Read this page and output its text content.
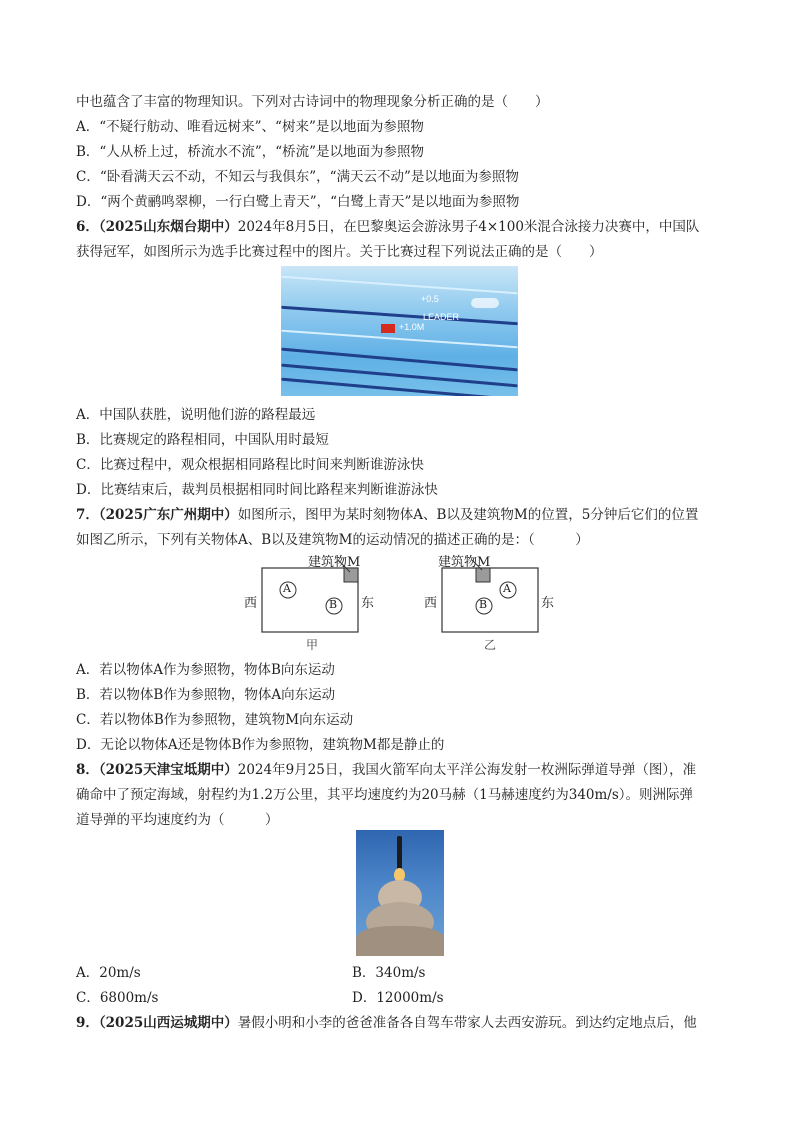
中也蕴含了丰富的物理知识。下列对古诗词中的物理现象分析正确的是（　　）
A．“不疑行舫动、唯看远树来”、“树来”是以地面为参照物
B．“人从桥上过，桥流水不流”，“桥流”是以地面为参照物
C．“卧看满天云不动，不知云与我俱东”，“满天云不动”是以地面为参照物
D．“两个黄鹂鸣翠柳，一行白鹭上青天”，“白鹭上青天”是以地面为参照物
6．（2025山东烟台期中）2024年8月5日，在巴黎奥运会游泳男子4×100米混合泳接力决赛中，中国队
获得冠军，如图所示为选手比赛过程中的图片。关于比赛过程下列说法正确的是（　　）
+0.5
LEADER
+1.0M
A．中国队获胜，说明他们游的路程最远
B．比赛规定的路程相同，中国队用时最短
C．比赛过程中，观众根据相同路程比时间来判断谁游泳快
D．比赛结束后，裁判员根据相同时间比路程来判断谁游泳快
7．（2025广东广州期中）如图所示，图甲为某时刻物体A、B以及建筑物M的位置，5分钟后它们的位置
如图乙所示，下列有关物体A、B以及建筑物M的运动情况的描述正确的是：（　　　）
建筑物M
西	东
A
B
甲
建筑物M
西	东
A
B
乙
A．若以物体A作为参照物，物体B向东运动
B．若以物体B作为参照物，物体A向东运动
C．若以物体B作为参照物，建筑物M向东运动
D．无论以物体A还是物体B作为参照物，建筑物M都是静止的
8．（2025天津宝坻期中）2024年9月25日，我国火箭军向太平洋公海发射一枚洲际弹道导弹（图），准
确命中了预定海域，射程约为1.2万公里，其平均速度约为20马赫（1马赫速度约为340m/s）。则洲际弹
道导弹的平均速度约为（　　　）
A．20m/s	B．340m/s
C．6800m/s	D．12000m/s
9．（2025山西运城期中）暑假小明和小李的爸爸准备各自驾车带家人去西安游玩。到达约定地点后，他
